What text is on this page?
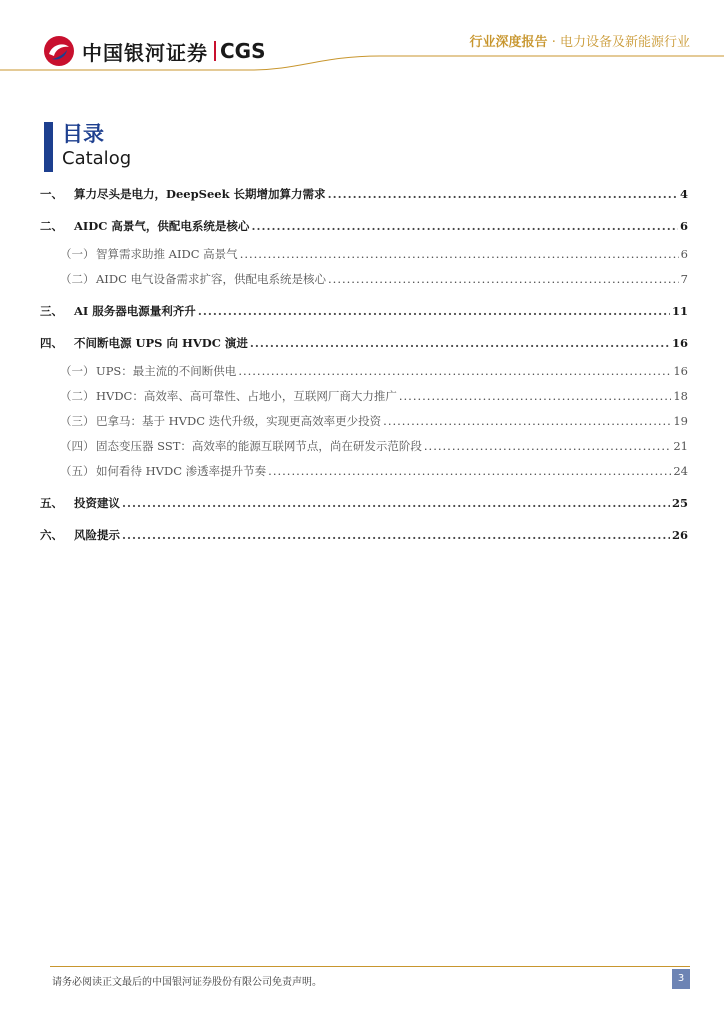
中国银河证券 CGS	行业深度报告 · 电力设备及新能源行业
目录
Catalog
一、 算力尽头是电力，DeepSeek 长期增加算力需求 .....	4
二、 AIDC 高景气，供配电系统是核心 .....	6
（一） 智算需求助推 AIDC 高景气 .....	6
（二） AIDC 电气设备需求扩容，供配电系统是核心 .....	7
三、 AI 服务器电源量利齐升 .....	11
四、 不间断电源 UPS 向 HVDC 演进 .....	16
（一） UPS：最主流的不间断供电 .....	16
（二） HVDC：高效率、高可靠性、占地小，互联网厂商大力推广 .....	18
（三） 巴拿马：基于 HVDC 迭代升级，实现更高效率更少投资 .....	19
（四） 固态变压器 SST：高效率的能源互联网节点，尚在研发示范阶段 .....	21
（五） 如何看待 HVDC 渗透率提升节奏 .....	24
五、 投资建议 .....	25
六、 风险提示 .....	26
请务必阅读正文最后的中国银河证券股份有限公司免责声明。	3
